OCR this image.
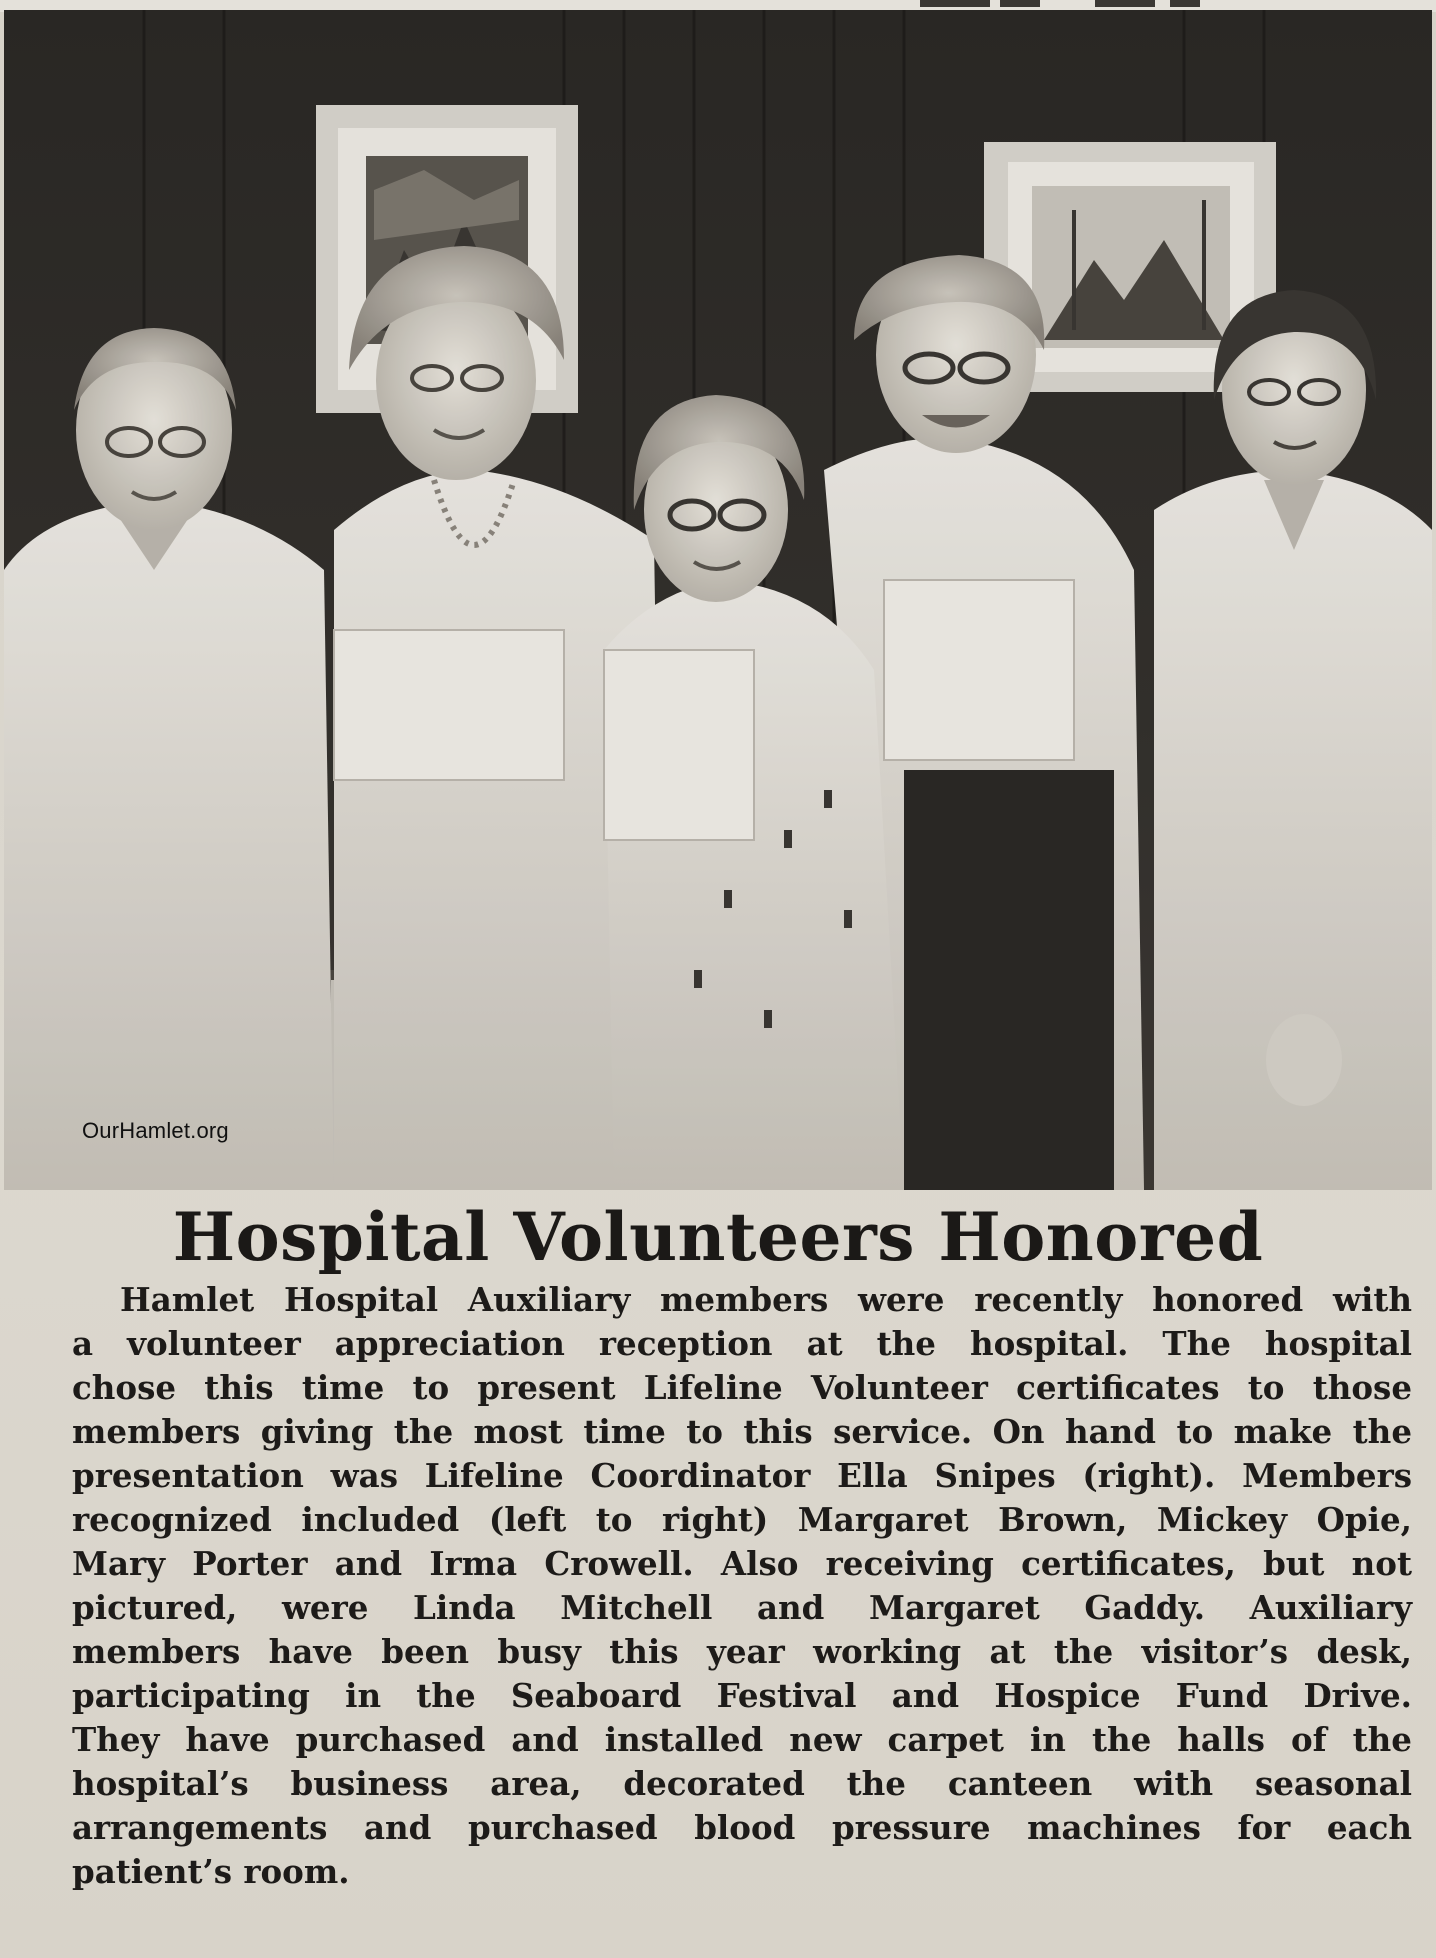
OurHamlet.org
Hospital Volunteers Honored
Hamlet Hospital Auxiliary members were recently honored with
a volunteer appreciation reception at the hospital. The hospital
chose this time to present Lifeline Volunteer certificates to those
members giving the most time to this service. On hand to make the
presentation was Lifeline Coordinator Ella Snipes (right). Members
recognized included (left to right) Margaret Brown, Mickey Opie,
Mary Porter and Irma Crowell. Also receiving certificates, but not
pictured, were Linda Mitchell and Margaret Gaddy. Auxiliary
members have been busy this year working at the visitor’s desk,
participating in the Seaboard Festival and Hospice Fund Drive.
They have purchased and installed new carpet in the halls of the
hospital’s business area, decorated the canteen with seasonal
arrangements and purchased blood pressure machines for each
patient’s room.
